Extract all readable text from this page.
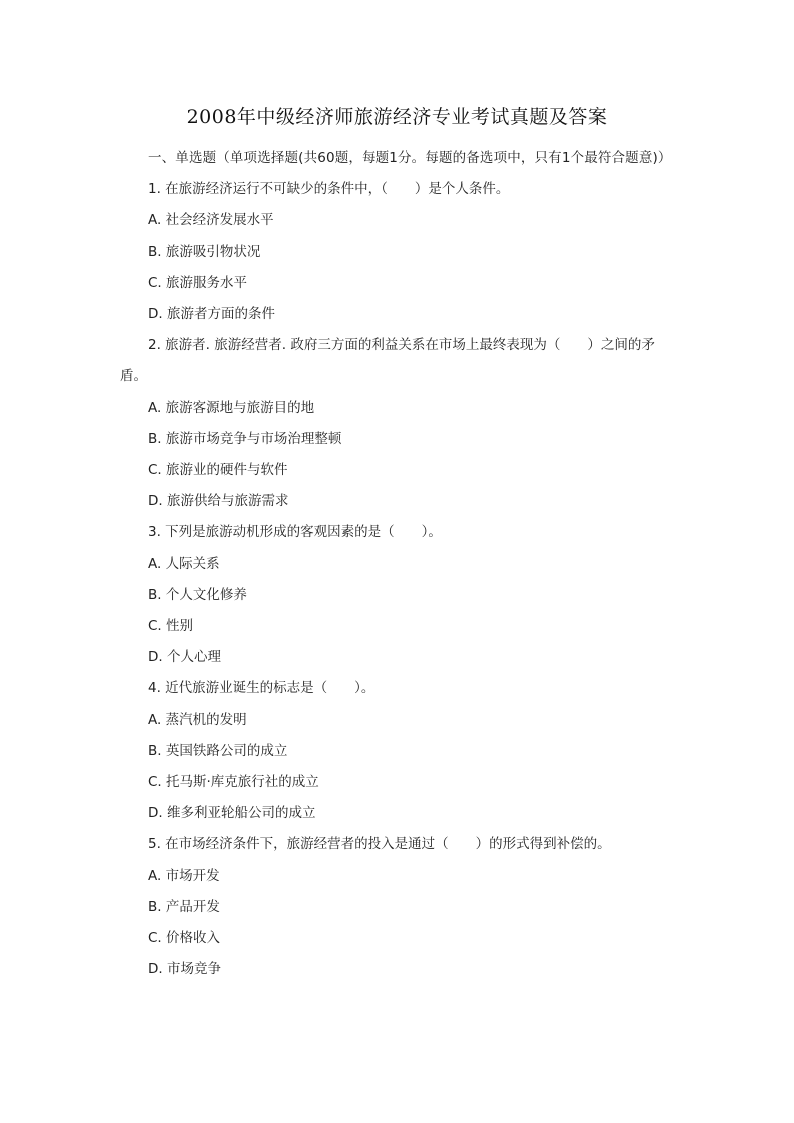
2008年中级经济师旅游经济专业考试真题及答案

一、单选题（单项选择题(共60题，每题1分。每题的备选项中，只有1个最符合题意)）

1. 在旅游经济运行不可缺少的条件中，（　　）是个人条件。

A. 社会经济发展水平

B. 旅游吸引物状况

C. 旅游服务水平

D. 旅游者方面的条件

2. 旅游者. 旅游经营者. 政府三方面的利益关系在市场上最终表现为（　　）之间的矛盾。

A. 旅游客源地与旅游目的地

B. 旅游市场竞争与市场治理整顿

C. 旅游业的硬件与软件

D. 旅游供给与旅游需求

3. 下列是旅游动机形成的客观因素的是（　　）。

A. 人际关系

B. 个人文化修养

C. 性别

D. 个人心理

4. 近代旅游业诞生的标志是（　　）。

A. 蒸汽机的发明

B. 英国铁路公司的成立

C. 托马斯·库克旅行社的成立

D. 维多利亚轮船公司的成立

5. 在市场经济条件下，旅游经营者的投入是通过（　　）的形式得到补偿的。

A. 市场开发

B. 产品开发

C. 价格收入

D. 市场竞争
